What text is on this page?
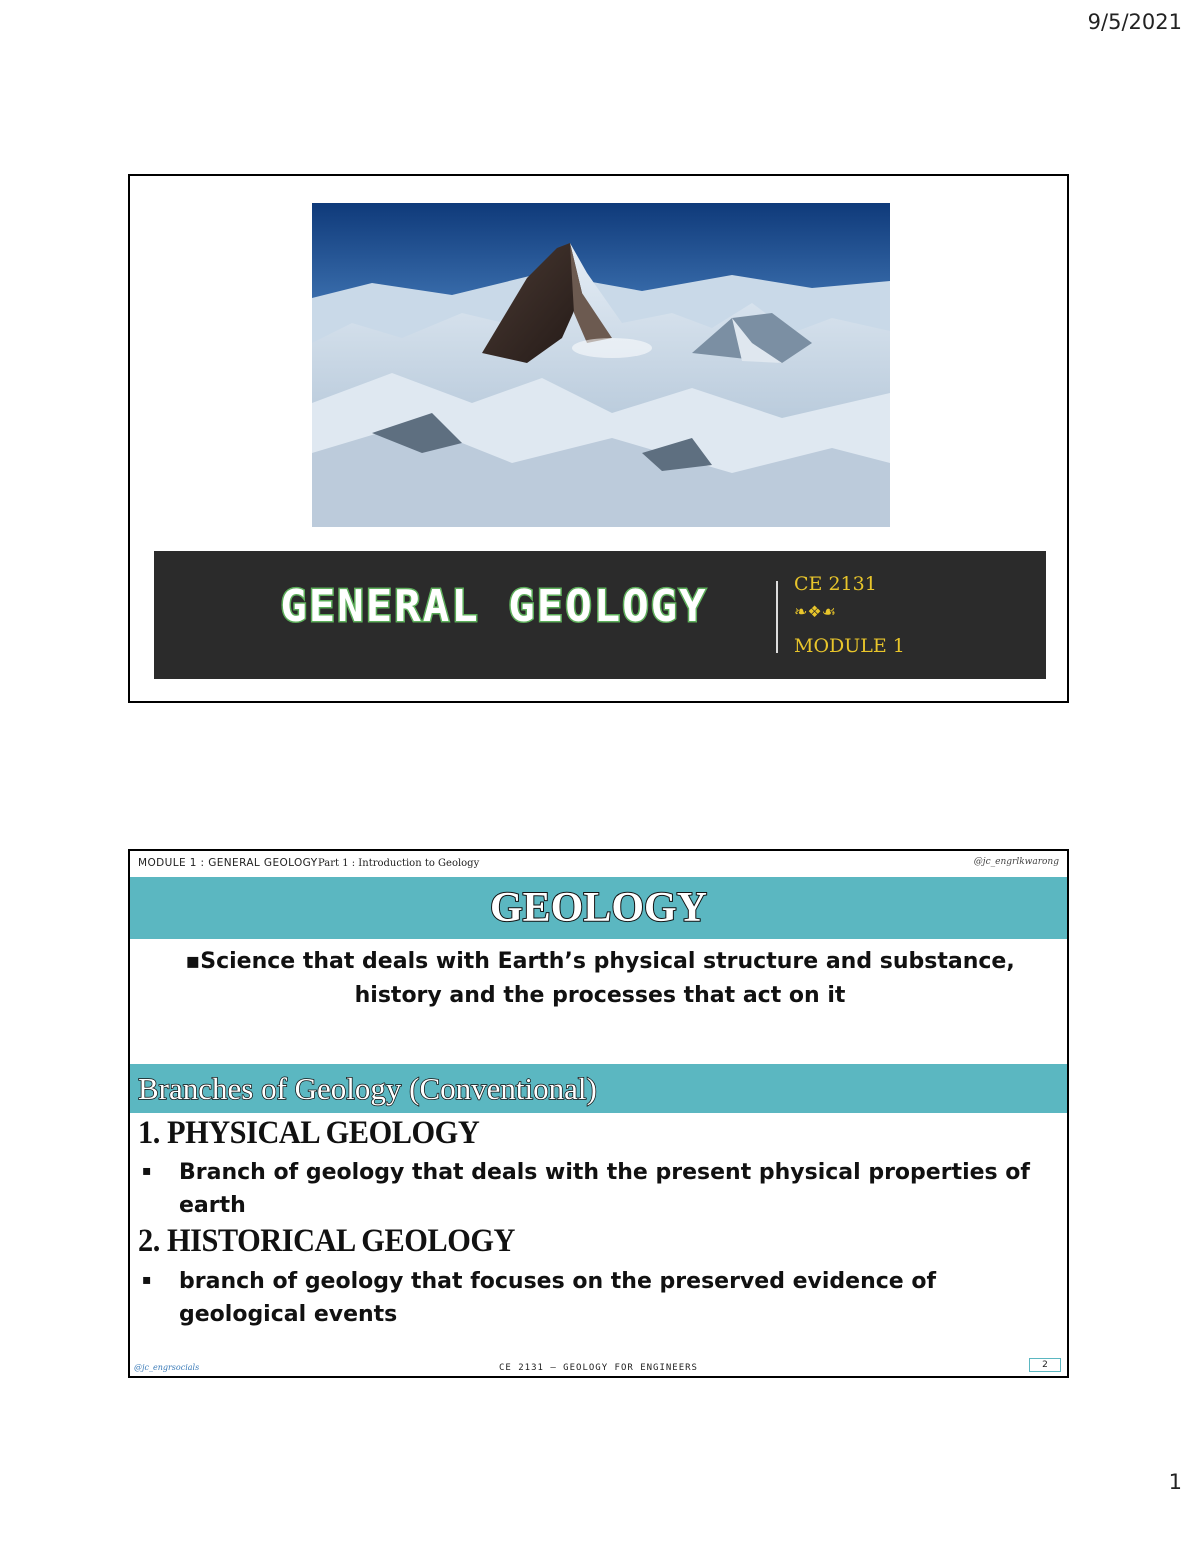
9/5/2021
GENERAL GEOLOGY	CE 2131
❧❖☙
MODULE 1
MODULE 1 : GENERAL GEOLOGY Part 1 : Introduction to Geology	@jc_engrlkwarong
GEOLOGY
▪Science that deals with Earth’s physical structure and substance, history and the processes that act on it
Branches of Geology (Conventional)
1. PHYSICAL GEOLOGY
▪ Branch of geology that deals with the present physical properties of earth
2. HISTORICAL GEOLOGY
▪ branch of geology that focuses on the preserved evidence of geological events
@jc_engrsocials	CE 2131 – GEOLOGY FOR ENGINEERS	2
1
